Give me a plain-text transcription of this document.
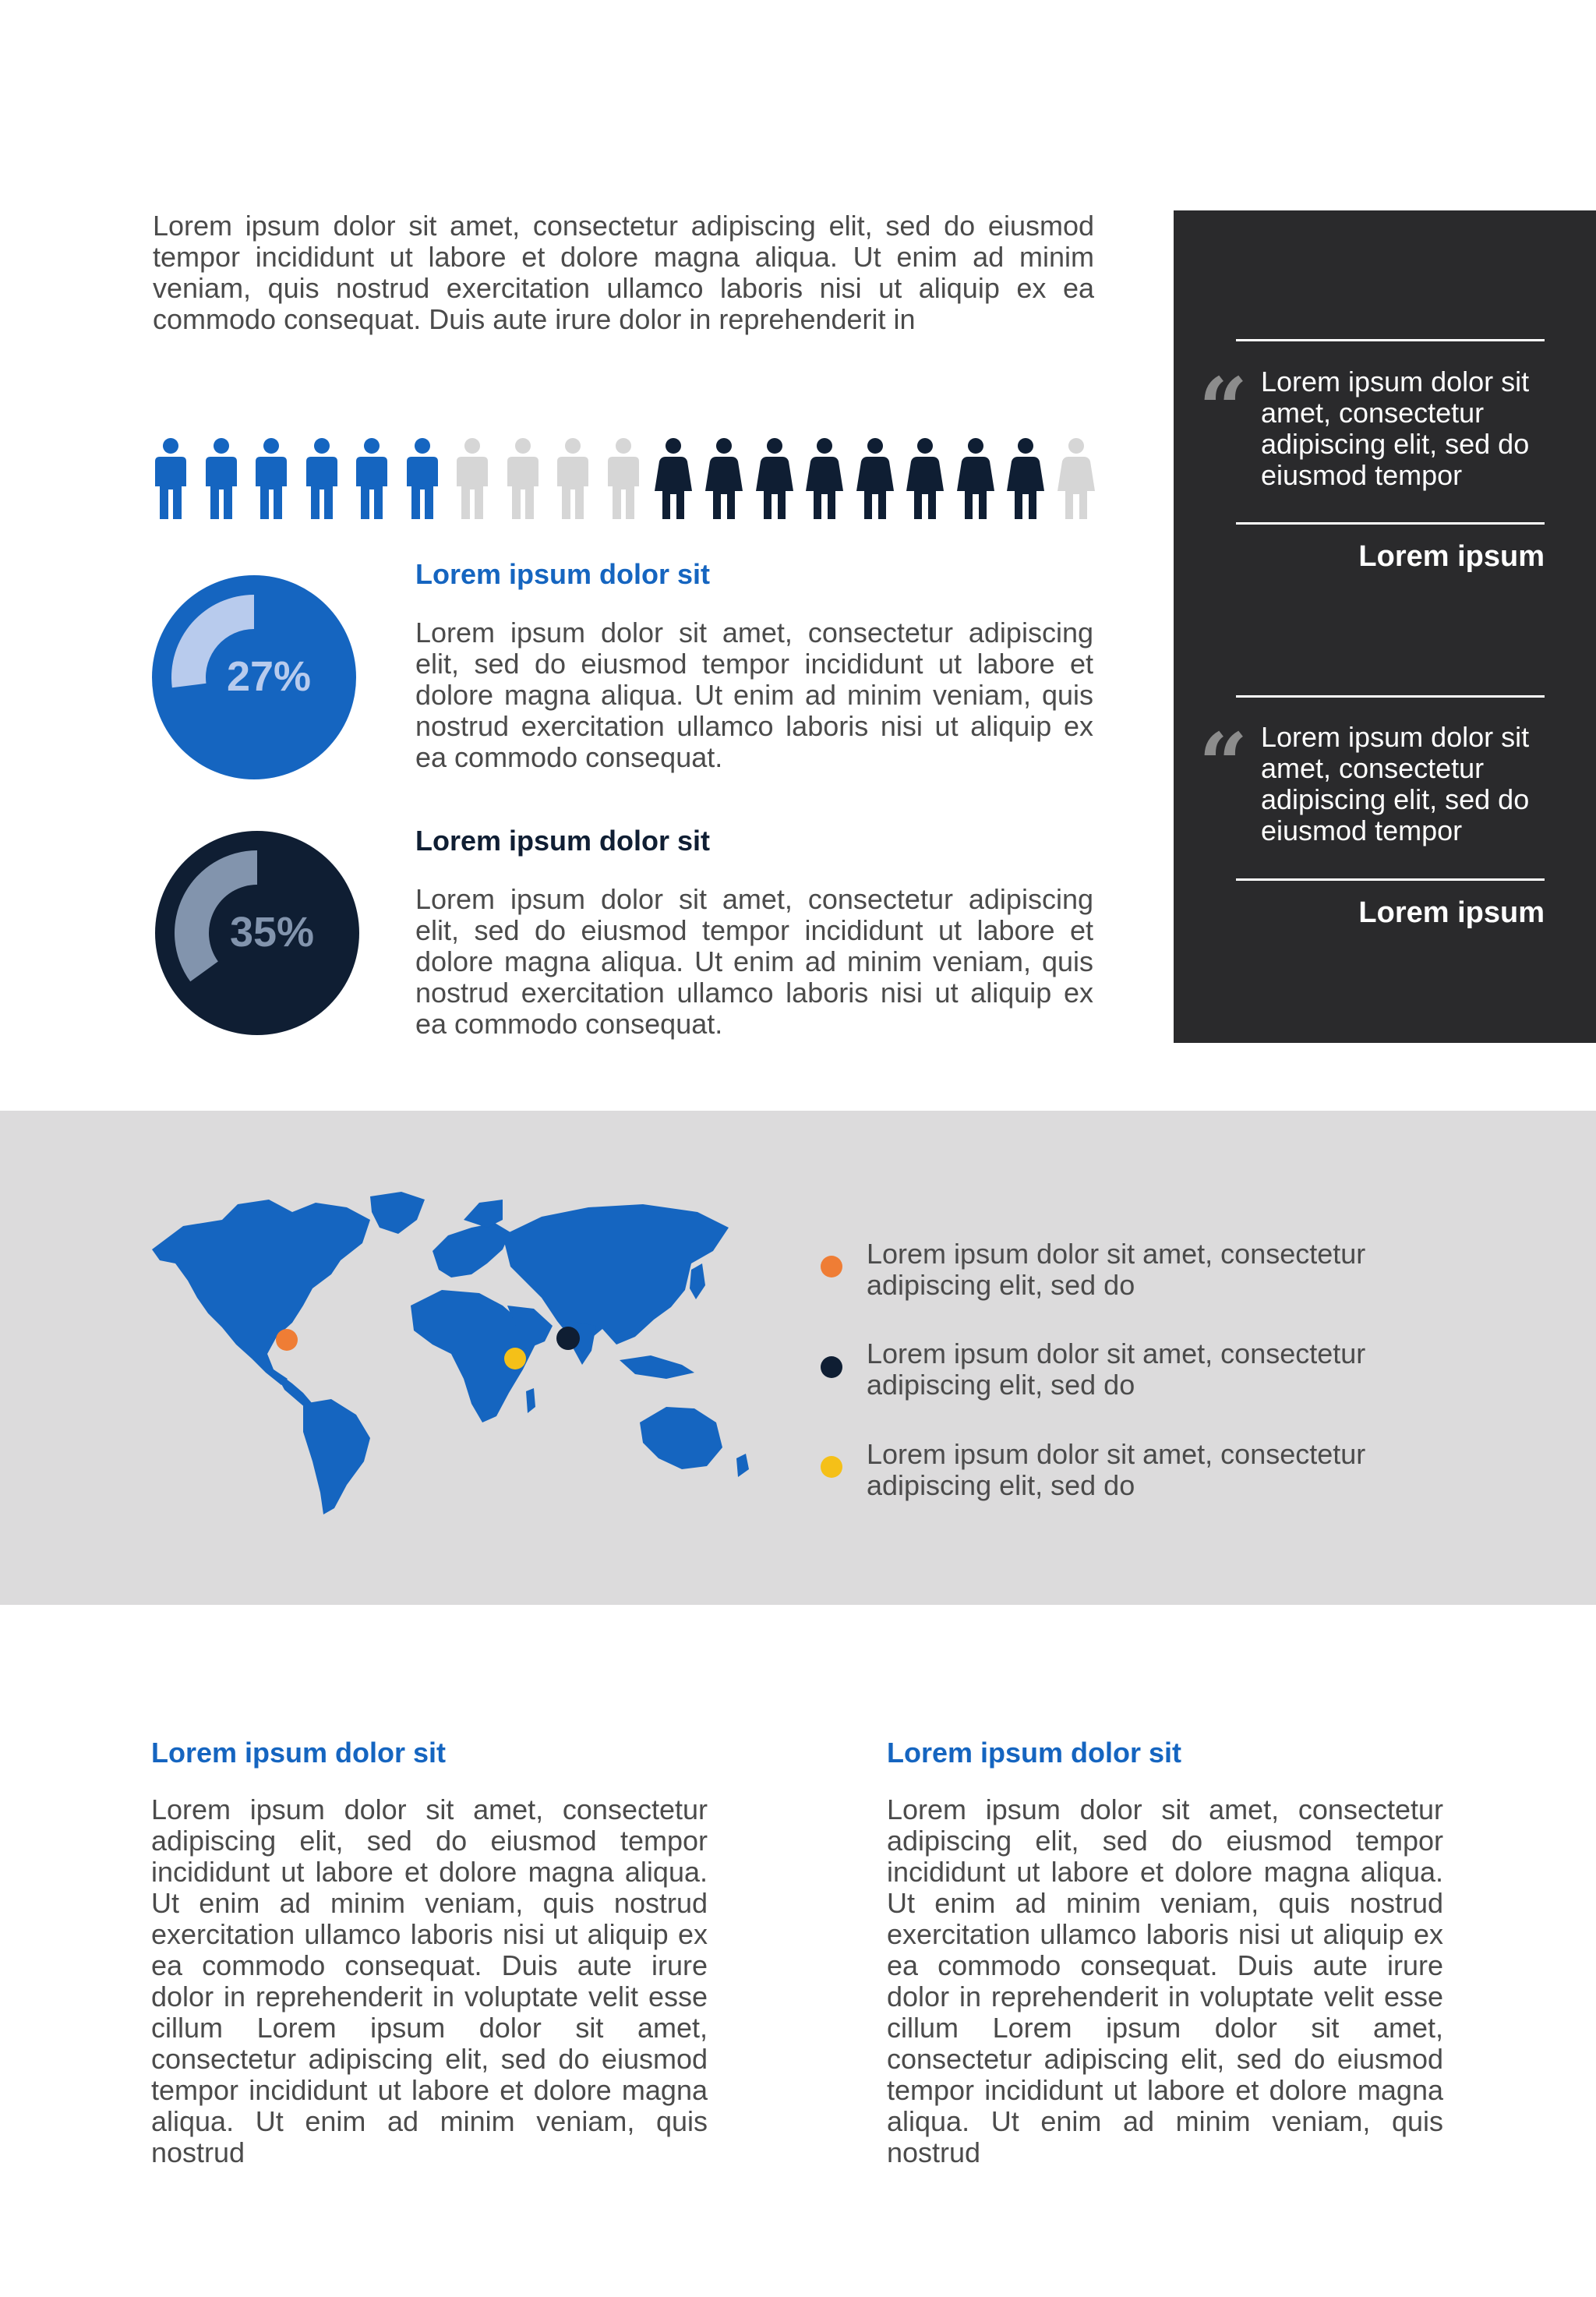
Lorem ipsum dolor sit amet, consectetur adipiscing elit, sed do eiusmod tempor incididunt ut labore et dolore magna aliqua. Ut enim ad minim veniam, quis nostrud exercitation ullamco laboris nisi ut aliquip ex ea commodo consequat. Duis aute irure dolor in reprehenderit in
27%
Lorem ipsum dolor sit
Lorem ipsum dolor sit amet, consectetur adipiscing elit, sed do eiusmod tempor incididunt ut labore et dolore magna aliqua. Ut enim ad minim veniam, quis nostrud exercitation ullamco laboris nisi ut aliquip ex ea commodo consequat.
35%
Lorem ipsum dolor sit
Lorem ipsum dolor sit amet, consectetur adipiscing elit, sed do eiusmod tempor incididunt ut labore et dolore magna aliqua. Ut enim ad minim veniam, quis nostrud exercitation ullamco laboris nisi ut aliquip ex ea commodo consequat.
“ Lorem ipsum dolor sit amet, consectetur adipiscing elit, sed do eiusmod tempor
Lorem ipsum
“ Lorem ipsum dolor sit amet, consectetur adipiscing elit, sed do eiusmod tempor
Lorem ipsum
Lorem ipsum dolor sit amet, consectetur adipiscing elit, sed do
Lorem ipsum dolor sit amet, consectetur adipiscing elit, sed do
Lorem ipsum dolor sit amet, consectetur adipiscing elit, sed do
Lorem ipsum dolor sit
Lorem ipsum dolor sit amet, consectetur adipiscing elit, sed do eiusmod tempor incididunt ut labore et dolore magna aliqua. Ut enim ad minim veniam, quis nostrud exercitation ullamco laboris nisi ut aliquip ex ea commodo consequat. Duis aute irure dolor in reprehenderit in voluptate velit esse cillum Lorem ipsum dolor sit amet, consectetur adipiscing elit, sed do eiusmod tempor incididunt ut labore et dolore magna aliqua. Ut enim ad minim veniam, quis nostrud
Lorem ipsum dolor sit
Lorem ipsum dolor sit amet, consectetur adipiscing elit, sed do eiusmod tempor incididunt ut labore et dolore magna aliqua. Ut enim ad minim veniam, quis nostrud exercitation ullamco laboris nisi ut aliquip ex ea commodo consequat. Duis aute irure dolor in reprehenderit in voluptate velit esse cillum Lorem ipsum dolor sit amet, consectetur adipiscing elit, sed do eiusmod tempor incididunt ut labore et dolore magna aliqua. Ut enim ad minim veniam, quis nostrud
